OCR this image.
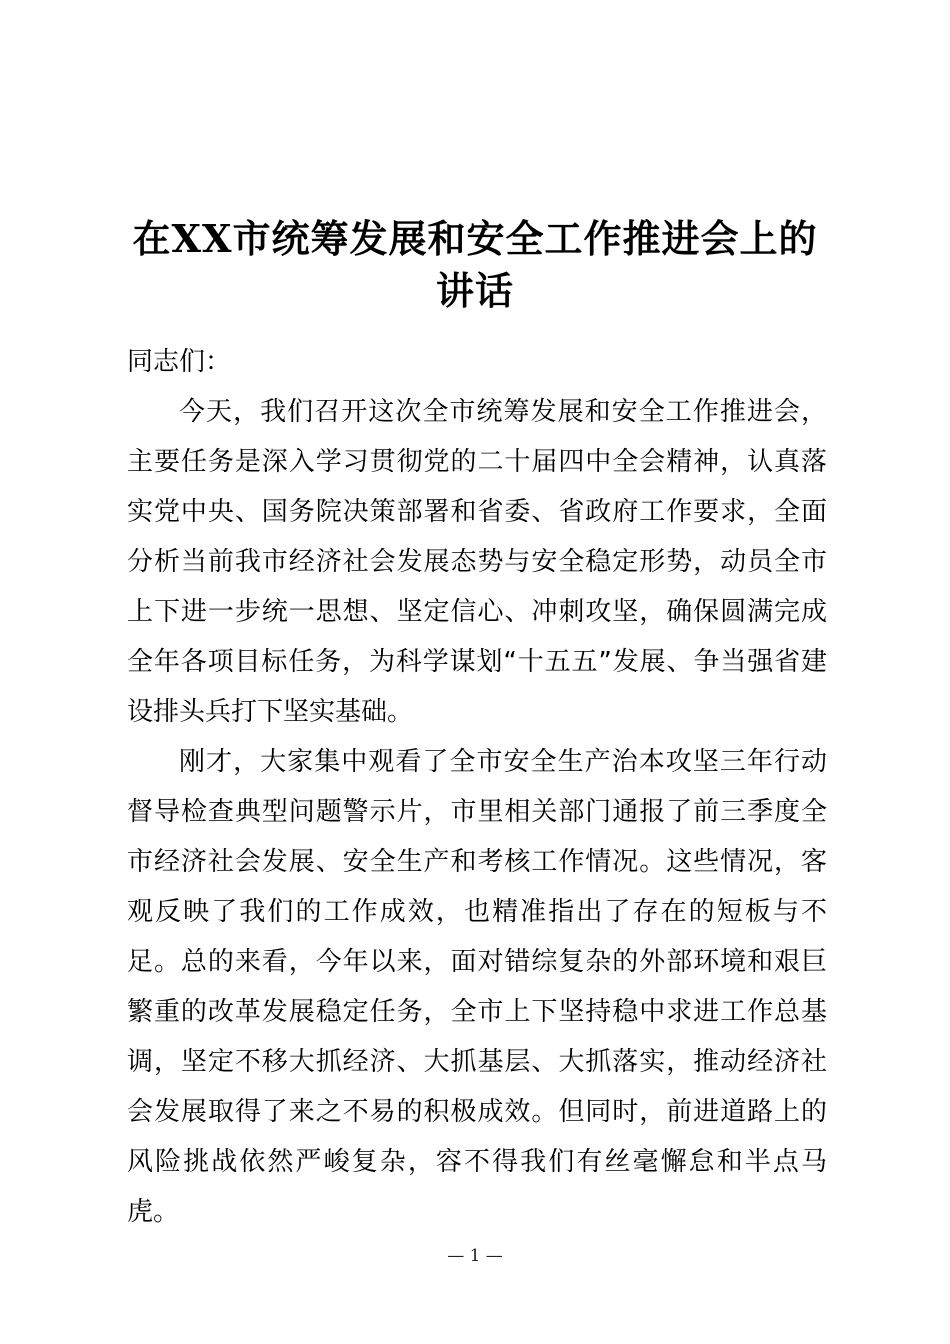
在XX市统筹发展和安全工作推进会上的
讲话

同志们：

今天，我们召开这次全市统筹发展和安全工作推进会，主要任务是深入学习贯彻党的二十届四中全会精神，认真落实党中央、国务院决策部署和省委、省政府工作要求，全面分析当前我市经济社会发展态势与安全稳定形势，动员全市上下进一步统一思想、坚定信心、冲刺攻坚，确保圆满完成全年各项目标任务，为科学谋划“十五五”发展、争当强省建设排头兵打下坚实基础。

刚才，大家集中观看了全市安全生产治本攻坚三年行动督导检查典型问题警示片，市里相关部门通报了前三季度全市经济社会发展、安全生产和考核工作情况。这些情况，客观反映了我们的工作成效，也精准指出了存在的短板与不足。总的来看，今年以来，面对错综复杂的外部环境和艰巨繁重的改革发展稳定任务，全市上下坚持稳中求进工作总基调，坚定不移大抓经济、大抓基层、大抓落实，推动经济社会发展取得了来之不易的积极成效。但同时，前进道路上的风险挑战依然严峻复杂，容不得我们有丝毫懈怠和半点马虎。

— 1 —
